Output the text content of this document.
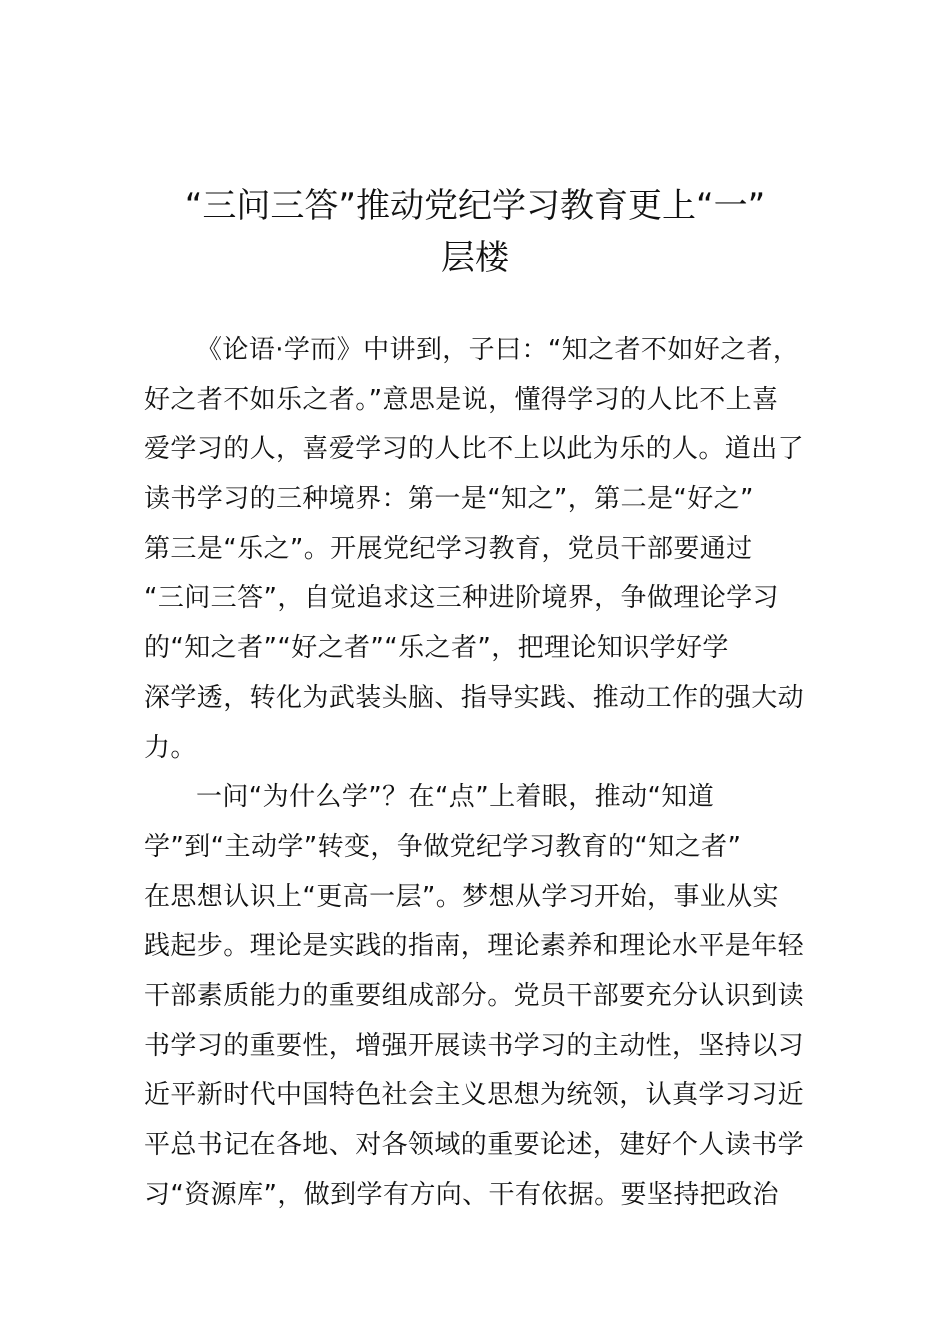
“三问三答”推动党纪学习教育更上“一”
层楼
《论语·学而》中讲到，子曰：“知之者不如好之者，
好之者不如乐之者。”意思是说，懂得学习的人比不上喜
爱学习的人，喜爱学习的人比不上以此为乐的人。道出了
读书学习的三种境界：第一是“知之”，第二是“好之”
第三是“乐之”。开展党纪学习教育，党员干部要通过
“三问三答”，自觉追求这三种进阶境界，争做理论学习
的“知之者”“好之者”“乐之者”，把理论知识学好学
深学透，转化为武装头脑、指导实践、推动工作的强大动
力。
一问“为什么学”？在“点”上着眼，推动“知道
学”到“主动学”转变，争做党纪学习教育的“知之者”
在思想认识上“更高一层”。梦想从学习开始，事业从实
践起步。理论是实践的指南，理论素养和理论水平是年轻
干部素质能力的重要组成部分。党员干部要充分认识到读
书学习的重要性，增强开展读书学习的主动性，坚持以习
近平新时代中国特色社会主义思想为统领，认真学习习近
平总书记在各地、对各领域的重要论述，建好个人读书学
习“资源库”，做到学有方向、干有依据。要坚持把政治
